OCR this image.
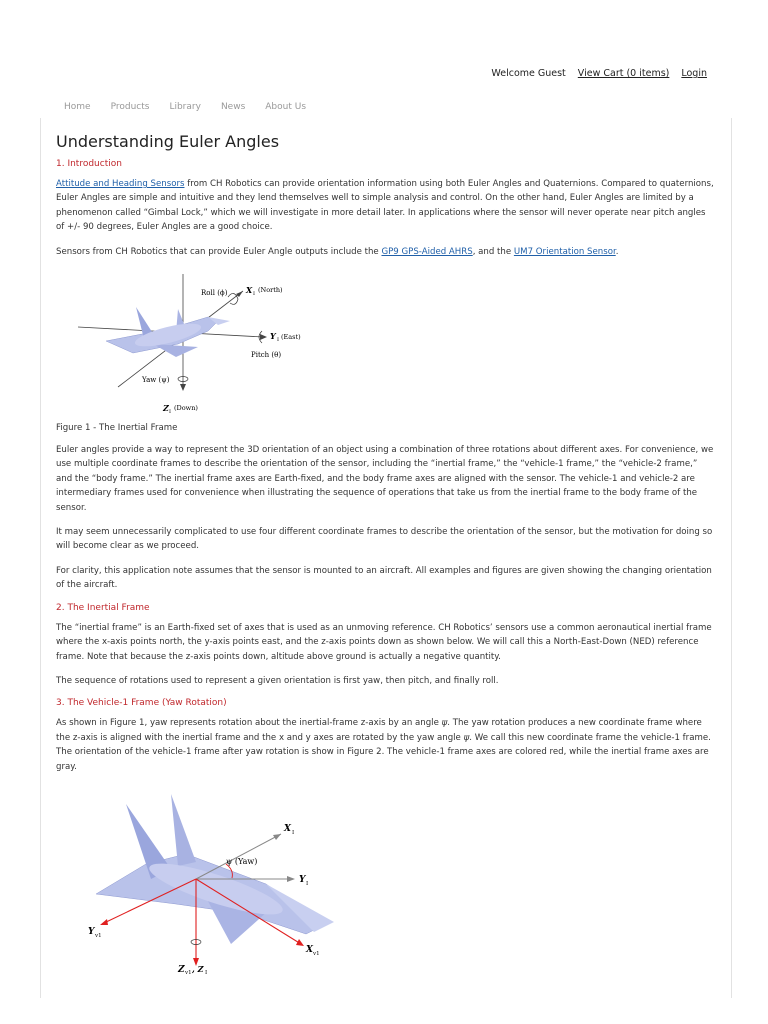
Welcome Guest View Cart (0 items) Login
Home Products Library News About Us
Understanding Euler Angles
1. Introduction

Attitude and Heading Sensors from CH Robotics can provide orientation information using both Euler Angles and Quaternions. Compared to quaternions, Euler Angles are simple and intuitive and they lend themselves well to simple analysis and control. On the other hand, Euler Angles are limited by a phenomenon called “Gimbal Lock,” which we will investigate in more detail later. In applications where the sensor will never operate near pitch angles of +/- 90 degrees, Euler Angles are a good choice.

Sensors from CH Robotics that can provide Euler Angle outputs include the GP9 GPS-Aided AHRS, and the UM7 Orientation Sensor.

Roll (ϕ) X I (North)
Y I (East)
Pitch (θ)
Yaw (ψ)
Z I (Down)
Figure 1 - The Inertial Frame

Euler angles provide a way to represent the 3D orientation of an object using a combination of three rotations about different axes. For convenience, we use multiple coordinate frames to describe the orientation of the sensor, including the “inertial frame,” the “vehicle-1 frame,” the “vehicle-2 frame,” and the “body frame.” The inertial frame axes are Earth-fixed, and the body frame axes are aligned with the sensor. The vehicle-1 and vehicle-2 are intermediary frames used for convenience when illustrating the sequence of operations that take us from the inertial frame to the body frame of the sensor.

It may seem unnecessarily complicated to use four different coordinate frames to describe the orientation of the sensor, but the motivation for doing so will become clear as we proceed.

For clarity, this application note assumes that the sensor is mounted to an aircraft. All examples and figures are given showing the changing orientation of the aircraft.

2. The Inertial Frame

The “inertial frame” is an Earth-fixed set of axes that is used as an unmoving reference. CH Robotics’ sensors use a common aeronautical inertial frame where the x-axis points north, the y-axis points east, and the z-axis points down as shown below. We will call this a North-East-Down (NED) reference frame. Note that because the z-axis points down, altitude above ground is actually a negative quantity.

The sequence of rotations used to represent a given orientation is first yaw, then pitch, and finally roll.

3. The Vehicle-1 Frame (Yaw Rotation)

As shown in Figure 1, yaw represents rotation about the inertial-frame z-axis by an angle ψ. The yaw rotation produces a new coordinate frame where the z-axis is aligned with the inertial frame and the x and y axes are rotated by the yaw angle ψ. We call this new coordinate frame the vehicle-1 frame. The orientation of the vehicle-1 frame after yaw rotation is show in Figure 2. The vehicle-1 frame axes are colored red, while the inertial frame axes are gray.

X I
Y I
ψ (Yaw)
Y v1
X v1
Z v1 , Z I
